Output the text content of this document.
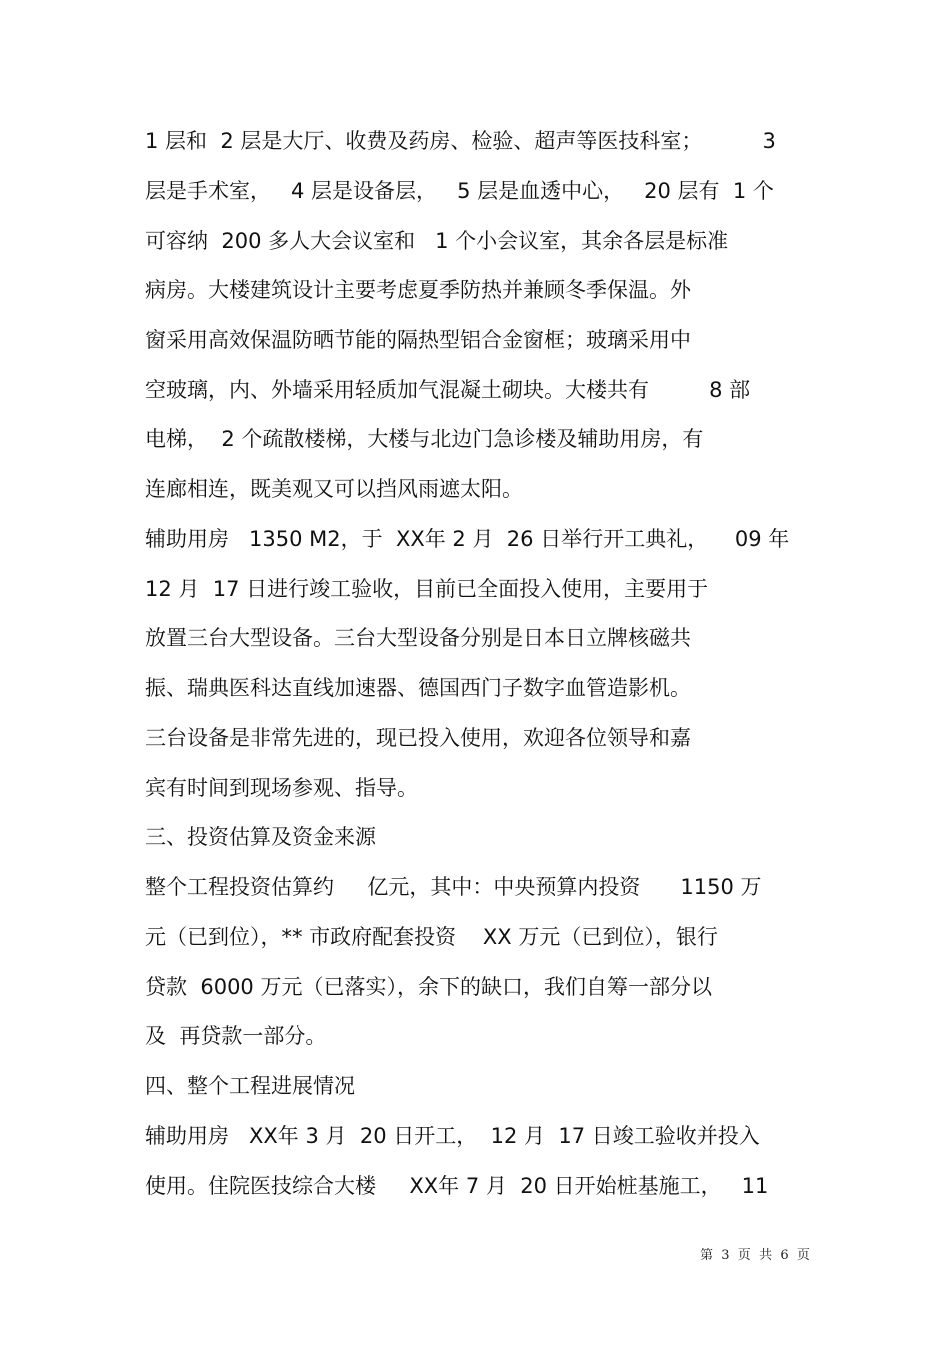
1 层和  2 层是大厅、收费及药房、检验、超声等医技科室；         3
层是手术室，   4 层是设备层，   5 层是血透中心，   20 层有  1 个
可容纳  200 多人大会议室和   1 个小会议室，其余各层是标准
病房。大楼建筑设计主要考虑夏季防热并兼顾冬季保温。外
窗采用高效保温防晒节能的隔热型铝合金窗框；玻璃采用中
空玻璃，内、外墙采用轻质加气混凝土砌块。大楼共有         8 部
电梯，  2 个疏散楼梯，大楼与北边门急诊楼及辅助用房，有
连廊相连，既美观又可以挡风雨遮太阳。
辅助用房   1350 M2，于  XX年 2 月  26 日举行开工典礼，    09 年
12 月  17 日进行竣工验收，目前已全面投入使用，主要用于
放置三台大型设备。三台大型设备分别是日本日立牌核磁共
振、瑞典医科达直线加速器、德国西门子数字血管造影机。
三台设备是非常先进的，现已投入使用，欢迎各位领导和嘉
宾有时间到现场参观、指导。
三、投资估算及资金来源
整个工程投资估算约     亿元，其中：中央预算内投资      1150 万
元（已到位），** 市政府配套投资    XX 万元（已到位），银行
贷款  6000 万元（已落实），余下的缺口，我们自筹一部分以
及  再贷款一部分。
四、整个工程进展情况
辅助用房   XX年 3 月  20 日开工，  12 月  17 日竣工验收并投入
使用。住院医技综合大楼     XX年 7 月  20 日开始桩基施工，   11
第  3  页  共  6  页
